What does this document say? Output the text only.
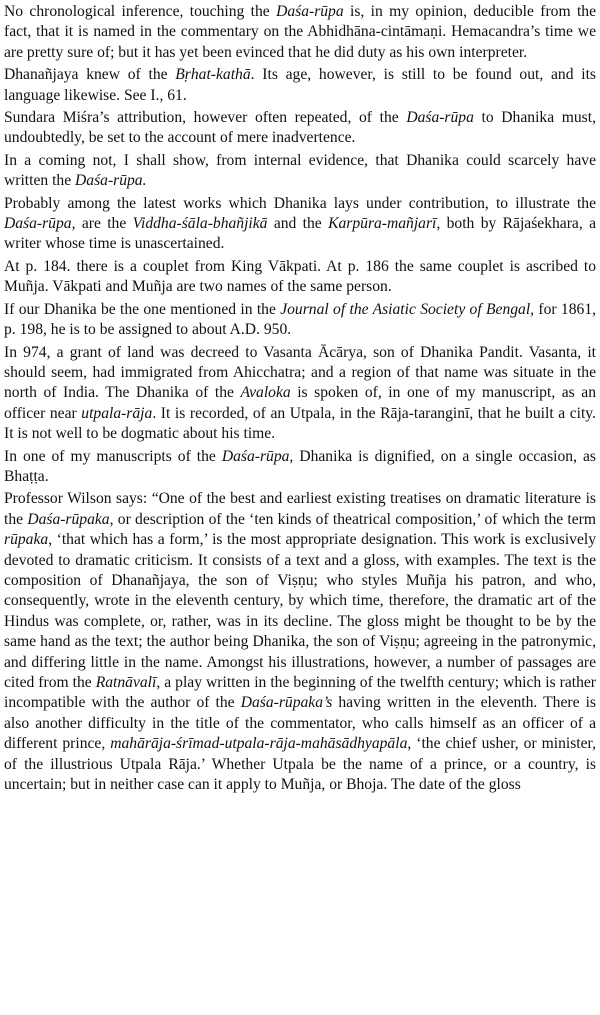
No chronological inference, touching the Daśa-rūpa is, in my opinion, deducible from the fact, that it is named in the commentary on the Abhidhāna-cintāmaṇi. Hemacandra’s time we are pretty sure of; but it has yet been evinced that he did duty as his own interpreter.

Dhanañjaya knew of the Bṛhat-kathā. Its age, however, is still to be found out, and its language likewise. See I., 61.

Sundara Miśra’s attribution, however often repeated, of the Daśa-rūpa to Dhanika must, undoubtedly, be set to the account of mere inadvertence.

In a coming not, I shall show, from internal evidence, that Dhanika could scarcely have written the Daśa-rūpa.

Probably among the latest works which Dhanika lays under contribution, to illustrate the Daśa-rūpa, are the Viddha-śāla-bhañjikā and the Karpūra-mañjarī, both by Rājaśekhara, a writer whose time is unascertained.

At p. 184. there is a couplet from King Vākpati. At p. 186 the same couplet is ascribed to Muñja. Vākpati and Muñja are two names of the same person.

If our Dhanika be the one mentioned in the Journal of the Asiatic Society of Bengal, for 1861, p. 198, he is to be assigned to about A.D. 950.

In 974, a grant of land was decreed to Vasanta Ācārya, son of Dhanika Pandit. Vasanta, it should seem, had immigrated from Ahicchatra; and a region of that name was situate in the north of India. The Dhanika of the Avaloka is spoken of, in one of my manuscript, as an officer near utpala-rāja. It is recorded, of an Utpala, in the Rāja-taranginī, that he built a city. It is not well to be dogmatic about his time.

In one of my manuscripts of the Daśa-rūpa, Dhanika is dignified, on a single occasion, as Bhaṭṭa.

Professor Wilson says: “One of the best and earliest existing treatises on dramatic literature is the Daśa-rūpaka, or description of the ‘ten kinds of theatrical composition,’ of which the term rūpaka, ‘that which has a form,’ is the most appropriate designation. This work is exclusively devoted to dramatic criticism. It consists of a text and a gloss, with examples. The text is the composition of Dhanañjaya, the son of Viṣṇu; who styles Muñja his patron, and who, consequently, wrote in the eleventh century, by which time, therefore, the dramatic art of the Hindus was complete, or, rather, was in its decline. The gloss might be thought to be by the same hand as the text; the author being Dhanika, the son of Viṣṇu; agreeing in the patronymic, and differing little in the name. Amongst his illustrations, however, a number of passages are cited from the Ratnāvalī, a play written in the beginning of the twelfth century; which is rather incompatible with the author of the Daśa-rūpaka’s having written in the eleventh. There is also another difficulty in the title of the commentator, who calls himself as an officer of a different prince, mahārāja-śrīmad-utpala-rāja-mahāsādhyapāla, ‘the chief usher, or minister, of the illustrious Utpala Rāja.’ Whether Utpala be the name of a prince, or a country, is uncertain; but in neither case can it apply to Muñja, or Bhoja. The date of the gloss
